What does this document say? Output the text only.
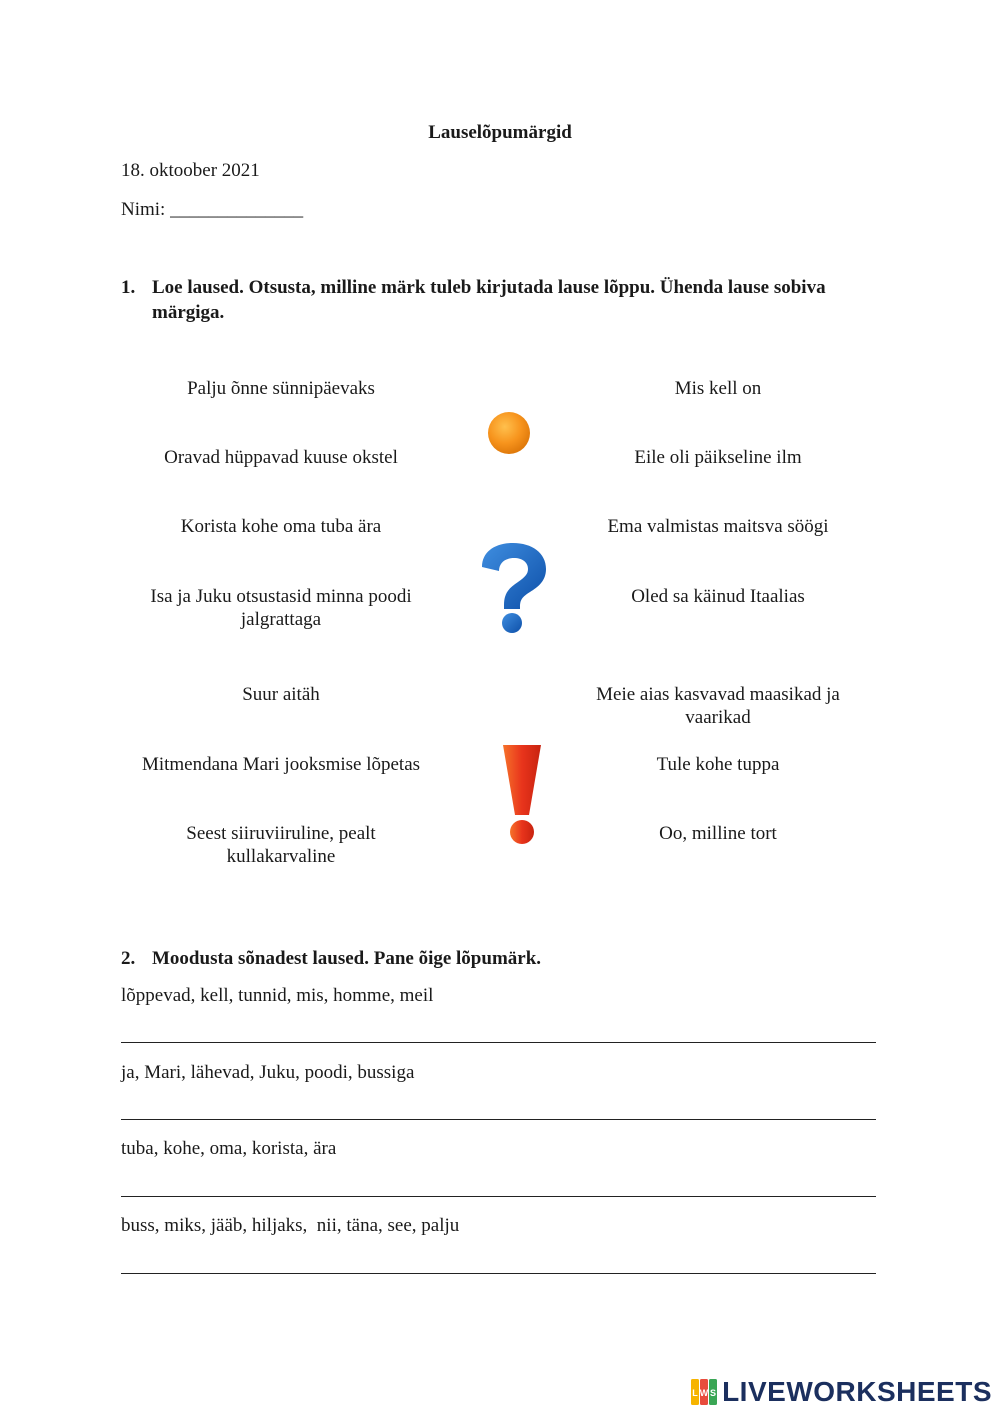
Lauselõpumärgid
18. oktoober 2021
Nimi: ______________
1. Loe laused. Otsusta, milline märk tuleb kirjutada lause lõppu. Ühenda lause sobiva märgiga.
Palju õnne sünnipäevaks
Oravad hüppavad kuuse okstel
Korista kohe oma tuba ära
Isa ja Juku otsustasid minna poodi jalgrattaga
Suur aitäh
Mitmendana Mari jooksmise lõpetas
Seest siiruviiruline, pealt kullakarvaline
Mis kell on
Eile oli päikseline ilm
Ema valmistas maitsva söögi
Oled sa käinud Itaalias
Meie aias kasvavad maasikad ja vaarikad
Tule kohe tuppa
Oo, milline tort
2. Moodusta sõnadest laused. Pane õige lõpumärk.
lõppevad, kell, tunnid, mis, homme, meil
ja, Mari, lähevad, Juku, poodi, bussiga
tuba, kohe, oma, korista, ära
buss, miks, jääb, hiljaks,  nii, täna, see, palju
L W S LIVEWORKSHEETS
